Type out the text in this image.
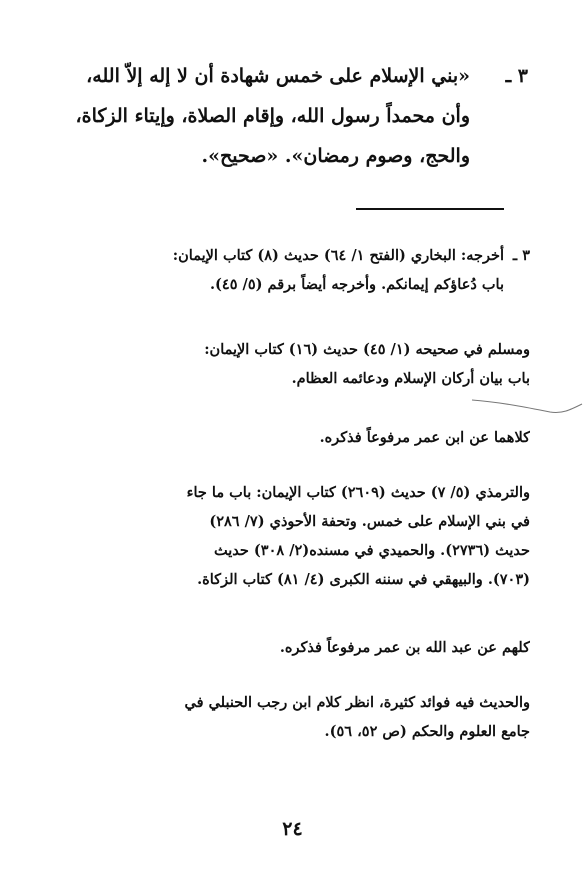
٣ ـ
«بني الإسلام على خمس شهادة أن لا إله إلاّ الله،
وأن محمداً رسول الله، وإقام الصلاة، وإيتاء الزكاة،
والحج، وصوم رمضان». «صحيح».
٣ ـ
أخرجه: البخاري (الفتح ١/ ٦٤) حديث (٨) كتاب الإيمان:
باب دُعاؤكم إيمانكم. وأخرجه أيضاً برقم (٥/ ٤٥).
ومسلم في صحيحه (١/ ٤٥) حديث (١٦) كتاب الإيمان:
باب بيان أركان الإسلام ودعائمه العظام.
كلاهما عن ابن عمر مرفوعاً فذكره.
والترمذي (٥/ ٧) حديث (٢٦٠٩) كتاب الإيمان: باب ما جاء
في بني الإسلام على خمس. وتحفة الأحوذي (٧/ ٢٨٦)
حديث (٢٧٣٦). والحميدي في مسنده(٢/ ٣٠٨) حديث
(٧٠٣). والبيهقي في سننه الكبرى (٤/ ٨١) كتاب الزكاة.
كلهم عن عبد الله بن عمر مرفوعاً فذكره.
والحديث فيه فوائد كثيرة، انظر كلام ابن رجب الحنبلي في
جامع العلوم والحكم (ص ٥٢، ٥٦).
٢٤
